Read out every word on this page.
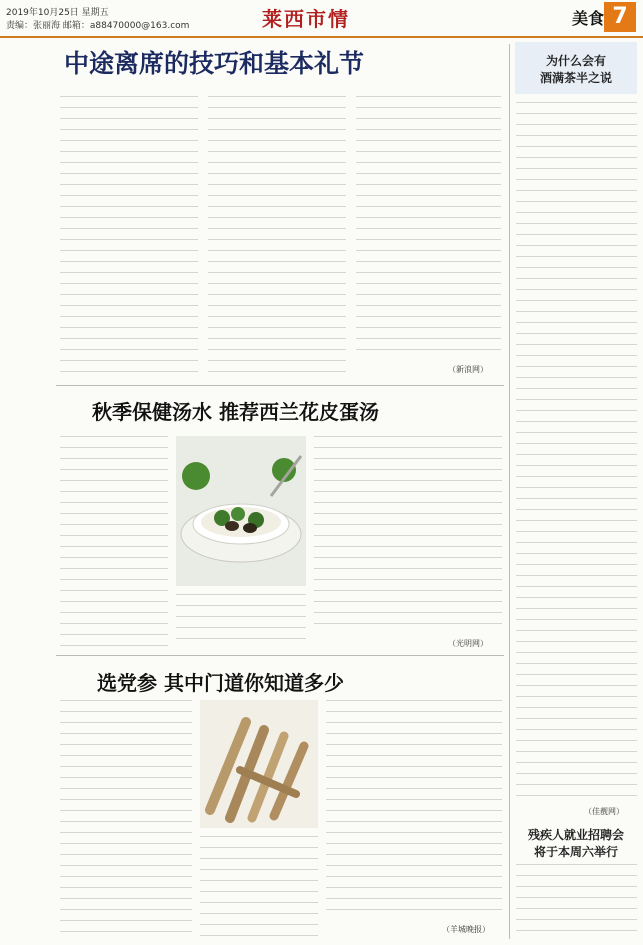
2019年10月25日 星期五
责编：张丽海 邮箱：a88470000@163.com	莱西市情	美食 7
中途离席的技巧和基本礼节
（新浪网）
秋季保健汤水 推荐西兰花皮蛋汤
（光明网）
选党参 其中门道你知道多少
（羊城晚报）
为什么会有
酒满茶半之说
（佳靓网）
残疾人就业招聘会
将于本周六举行
